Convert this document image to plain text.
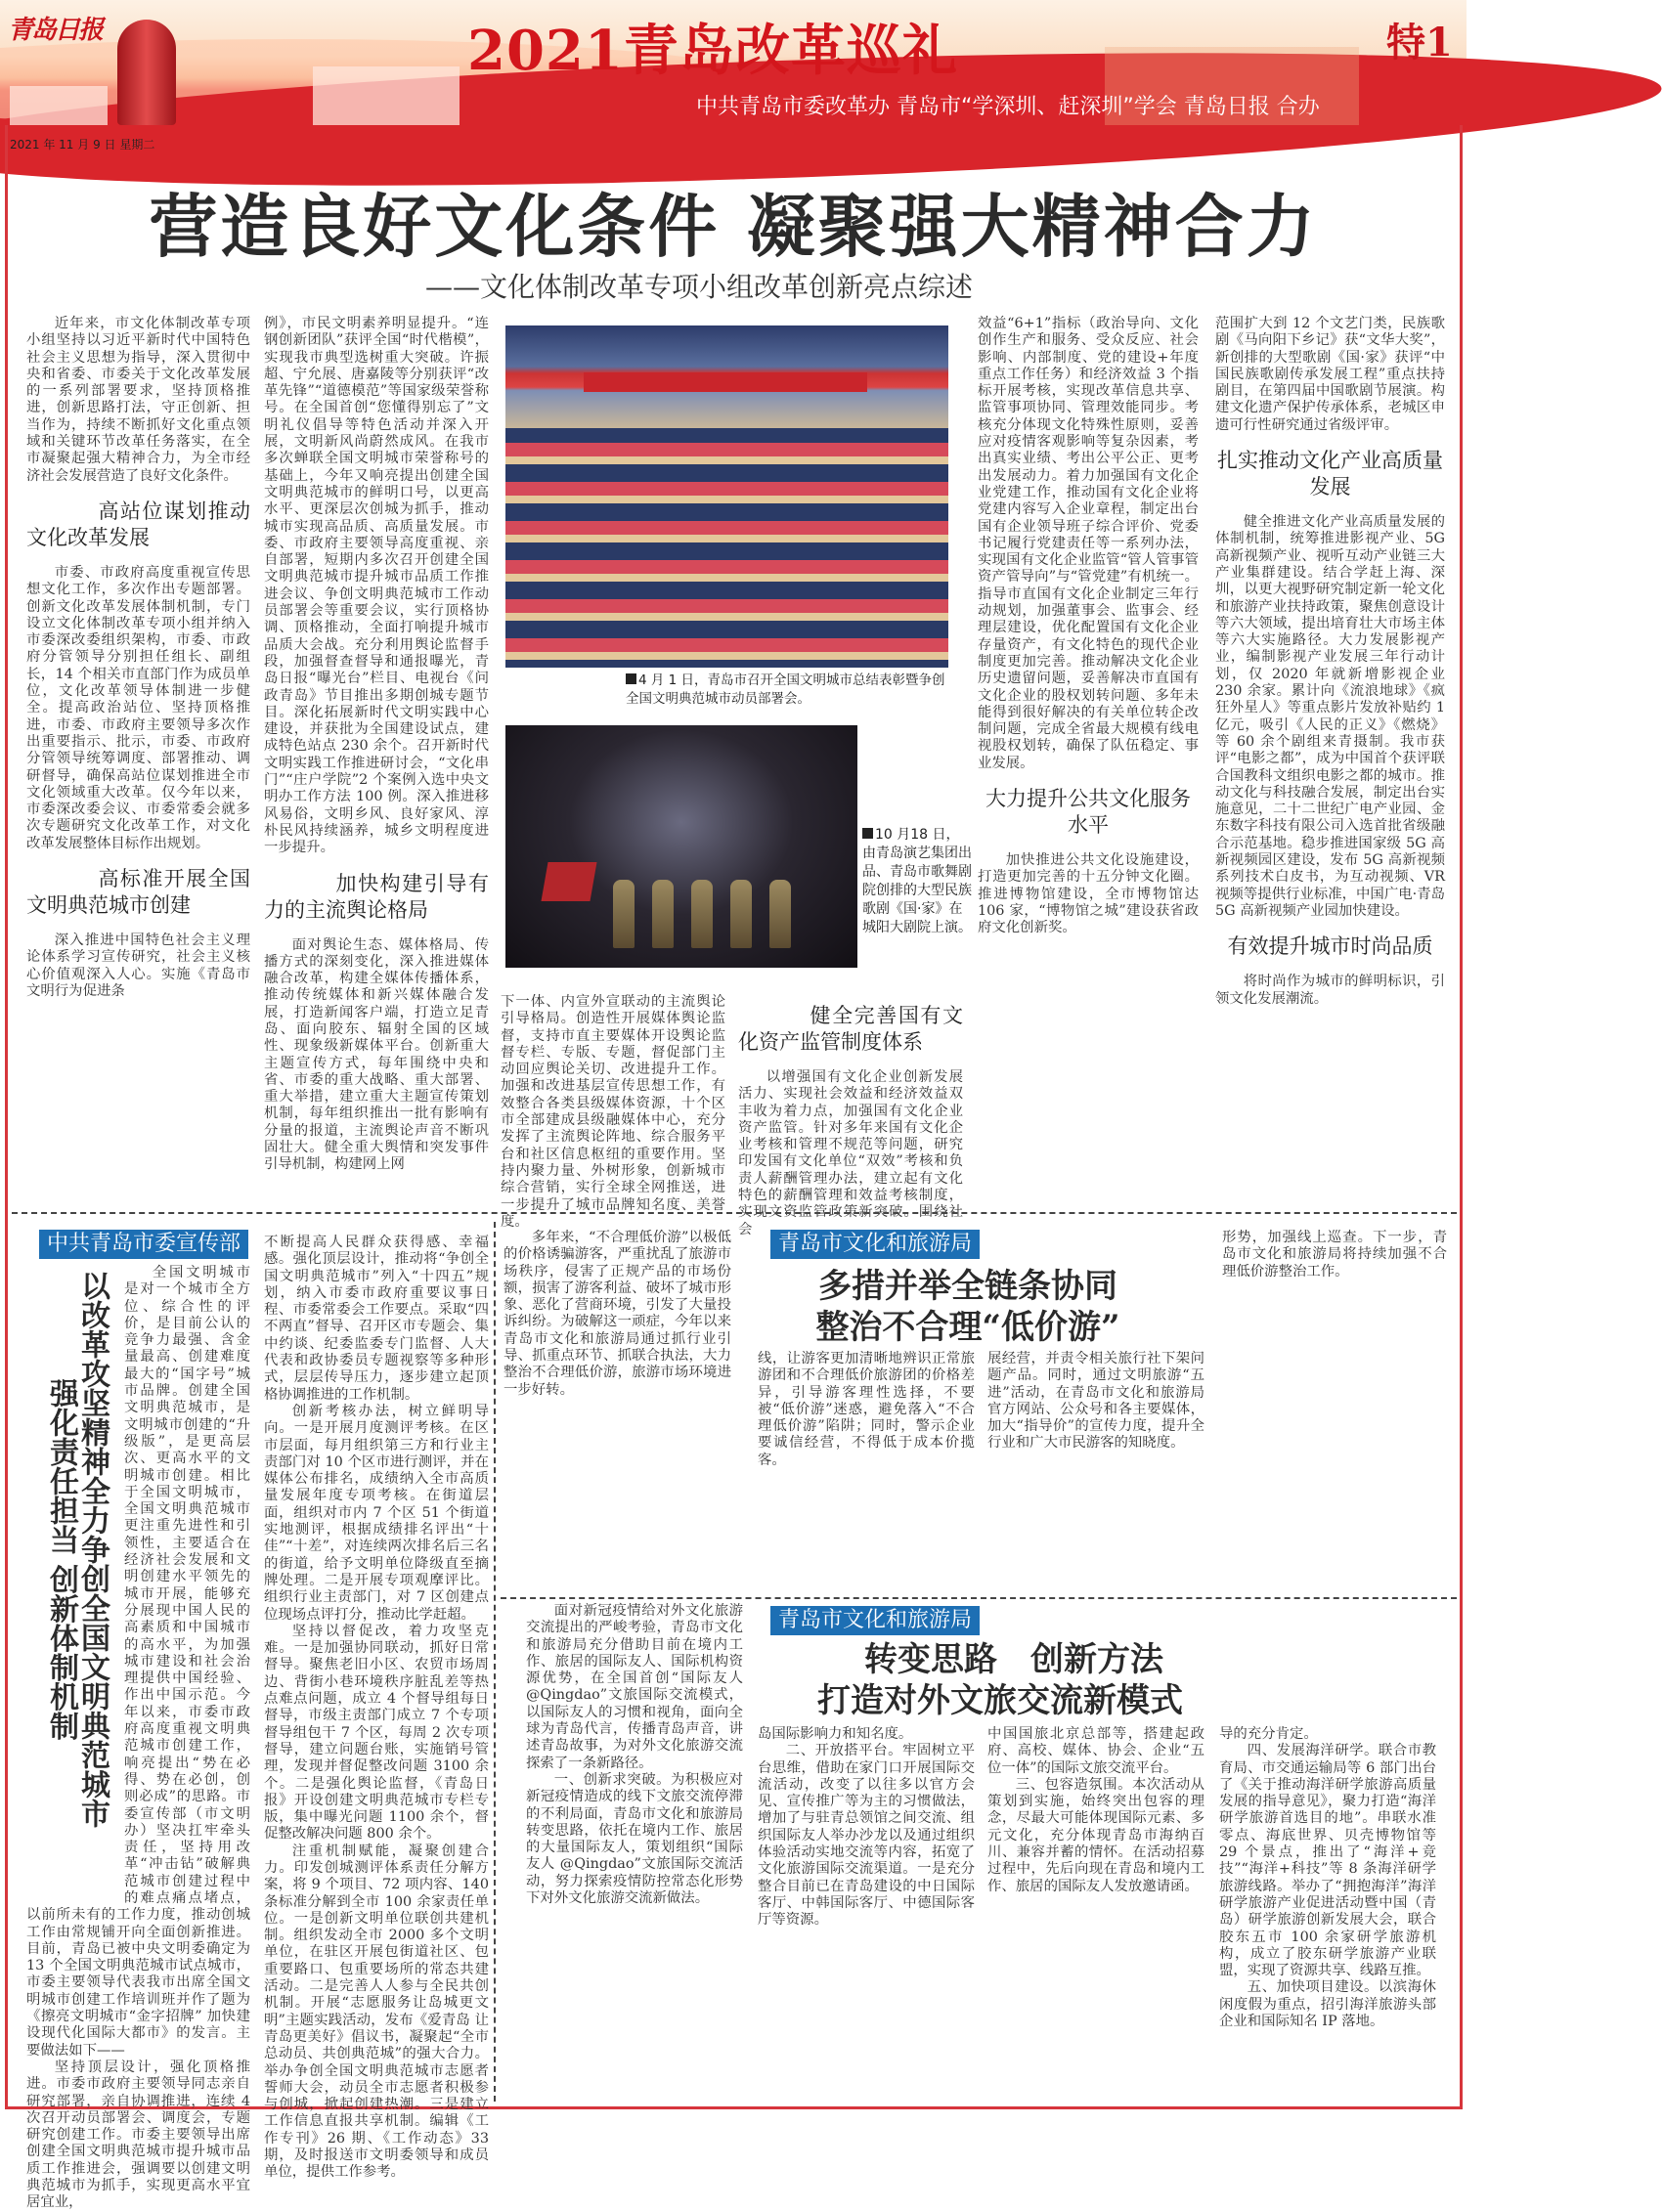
青岛日报	2021青岛改革巡礼	特1
中共青岛市委改革办 青岛市“学深圳、赶深圳”学会 青岛日报 合办
2021 年 11 月 9 日 星期二
营造良好文化条件 凝聚强大精神合力
——文化体制改革专项小组改革创新亮点综述

近年来，市文化体制改革专项小组坚持以习近平新时代中国特色社会主义思想为指导，深入贯彻中央和省委、市委关于文化改革发展的一系列部署要求，坚持顶格推进，创新思路打法，守正创新、担当作为，持续不断抓好文化重点领域和关键环节改革任务落实，在全市凝聚起强大精神合力，为全市经济社会发展营造了良好文化条件。

高站位谋划推动文化改革发展

市委、市政府高度重视宣传思想文化工作，多次作出专题部署。创新文化改革发展体制机制，专门设立文化体制改革专项小组并纳入市委深改委组织架构，市委、市政府分管领导分别担任组长、副组长，14 个相关市直部门作为成员单位，文化改革领导体制进一步健全。提高政治站位、坚持顶格推进，市委、市政府主要领导多次作出重要指示、批示，市委、市政府分管领导统筹调度、部署推动、调研督导，确保高站位谋划推进全市文化领域重大改革。仅今年以来，市委深改委会议、市委常委会就多次专题研究文化改革工作，对文化改革发展整体目标作出规划。

高标准开展全国文明典范城市创建

深入推进中国特色社会主义理论体系学习宣传研究，社会主义核心价值观深入人心。实施《青岛市文明行为促进条

例》，市民文明素养明显提升。“连钢创新团队”获评全国“时代楷模”，实现我市典型选树重大突破。许振超、宁允展、唐嘉陵等分别获评“改革先锋”“道德模范”等国家级荣誉称号。在全国首创“您懂得别忘了”文明礼仪倡导等特色活动并深入开展，文明新风尚蔚然成风。在我市多次蝉联全国文明城市荣誉称号的基础上，今年又响亮提出创建全国文明典范城市的鲜明口号，以更高水平、更深层次创城为抓手，推动城市实现高品质、高质量发展。市委、市政府主要领导高度重视、亲自部署，短期内多次召开创建全国文明典范城市提升城市品质工作推进会议、争创文明典范城市工作动员部署会等重要会议，实行顶格协调、顶格推动，全面打响提升城市品质大会战。充分利用舆论监督手段，加强督查督导和通报曝光，青岛日报“曝光台”栏目、电视台《问政青岛》节目推出多期创城专题节目。深化拓展新时代文明实践中心建设，并获批为全国建设试点，建成特色站点 230 余个。召开新时代文明实践工作推进研讨会，“文化串门”“庄户学院”2 个案例入选中央文明办工作方法 100 例。深入推进移风易俗，文明乡风、良好家风、淳朴民风持续涵养，城乡文明程度进一步提升。

加快构建引导有力的主流舆论格局

面对舆论生态、媒体格局、传播方式的深刻变化，深入推进媒体融合改革，构建全媒体传播体系，推动传统媒体和新兴媒体融合发展，打造新闻客户端，打造立足青岛、面向胶东、辐射全国的区域性、现象级新媒体平台。创新重大主题宣传方式，每年围绕中央和省、市委的重大战略、重大部署、重大举措，建立重大主题宣传策划机制，每年组织推出一批有影响有分量的报道，主流舆论声音不断巩固壮大。健全重大舆情和突发事件引导机制，构建网上网

4 月 1 日，青岛市召开全国文明城市总结表彰暨争创全国文明典范城市动员部署会。
10 月18 日，由青岛演艺集团出品、青岛市歌舞剧院创排的大型民族歌剧《国·家》在城阳大剧院上演。

下一体、内宣外宣联动的主流舆论引导格局。创造性开展媒体舆论监督，支持市直主要媒体开设舆论监督专栏、专版、专题，督促部门主动回应舆论关切、改进提升工作。加强和改进基层宣传思想工作，有效整合各类县级媒体资源，十个区市全部建成县级融媒体中心，充分发挥了主流舆论阵地、综合服务平台和社区信息枢纽的重要作用。坚持内聚力量、外树形象，创新城市综合营销，实行全球全网推送，进一步提升了城市品牌知名度、美誉度。

健全完善国有文化资产监管制度体系

以增强国有文化企业创新发展活力、实现社会效益和经济效益双丰收为着力点，加强国有文化企业资产监管。针对多年来国有文化企业考核和管理不规范等问题，研究印发国有文化单位“双效”考核和负责人薪酬管理办法，建立起有文化特色的薪酬管理和效益考核制度，实现文资监管政策新突破。围绕社会

效益“6+1”指标（政治导向、文化创作生产和服务、受众反应、社会影响、内部制度、党的建设+年度重点工作任务）和经济效益 3 个指标开展考核，实现改革信息共享、监管事项协同、管理效能同步。考核充分体现文化特殊性原则，妥善应对疫情客观影响等复杂因素，考出真实业绩、考出公平公正、更考出发展动力。着力加强国有文化企业党建工作，推动国有文化企业将党建内容写入企业章程，制定出台国有企业领导班子综合评价、党委书记履行党建责任等一系列办法，实现国有文化企业监管“管人管事管资产管导向”与“管党建”有机统一。指导市直国有文化企业制定三年行动规划，加强董事会、监事会、经理层建设，优化配置国有文化企业存量资产，有文化特色的现代企业制度更加完善。推动解决文化企业历史遗留问题，妥善解决市直国有文化企业的股权划转问题、多年未能得到很好解决的有关单位转企改制问题，完成全省最大规模有线电视股权划转，确保了队伍稳定、事业发展。

大力提升公共文化服务水平

加快推进公共文化设施建设，打造更加完善的十五分钟文化圈。推进博物馆建设，全市博物馆达 106 家，“博物馆之城”建设获省政府文化创新奖。

范围扩大到 12 个文艺门类，民族歌剧《马向阳下乡记》获“文华大奖”，新创排的大型歌剧《国·家》获评“中国民族歌剧传承发展工程”重点扶持剧目，在第四届中国歌剧节展演。构建文化遗产保护传承体系，老城区申遗可行性研究通过省级评审。

扎实推动文化产业高质量发展

健全推进文化产业高质量发展的体制机制，统筹推进影视产业、5G 高新视频产业、视听互动产业链三大产业集群建设。结合学赶上海、深圳，以更大视野研究制定新一轮文化和旅游产业扶持政策，聚焦创意设计等六大领域，提出培育壮大市场主体等六大实施路径。大力发展影视产业，编制影视产业发展三年行动计划，仅 2020 年就新增影视企业 230 余家。累计向《流浪地球》《疯狂外星人》等重点影片发放补贴约 1 亿元，吸引《人民的正义》《燃烧》等 60 余个剧组来青摄制。我市获评“电影之都”，成为中国首个获评联合国教科文组织电影之都的城市。推动文化与科技融合发展，制定出台实施意见，二十二世纪广电产业园、金东数字科技有限公司入选首批省级融合示范基地。稳步推进国家级 5G 高新视频园区建设，发布 5G 高新视频系列技术白皮书，为互动视频、VR 视频等提供行业标准，中国广电·青岛 5G 高新视频产业园加快建设。

有效提升城市时尚品质

将时尚作为城市的鲜明标识，引领文化发展潮流。

中共青岛市委宣传部
以改革攻坚精神全力争创全国文明典范城市
强化责任担当 创新体制机制

全国文明城市是对一个城市全方位、综合性的评价，是目前公认的竞争力最强、含金量最高、创建难度最大的“国字号”城市品牌。创建全国文明典范城市，是文明城市创建的“升级版”，是更高层次、更高水平的文明城市创建。相比于全国文明城市，全国文明典范城市更注重先进性和引领性，主要适合在经济社会发展和文明创建水平领先的城市开展，能够充分展现中国人民的高素质和中国城市的高水平，为加强城市建设和社会治理提供中国经验、作出中国示范。今年以来，市委市政府高度重视文明典范城市创建工作，响亮提出“势在必得、势在必创，创则必成”的思路。市委宣传部（市文明办）坚决扛牢牵头责任，坚持用改革“冲击钻”破解典范城市创建过程中的难点痛点堵点，以前所未有的工作力度，推动创城工作由常规铺开向全面创新推进。目前，青岛已被中央文明委确定为 13 个全国文明典范城市试点城市，市委主要领导代表我市出席全国文明城市创建工作培训班并作了题为《擦亮文明城市“金字招牌” 加快建设现代化国际大都市》的发言。主要做法如下——

坚持顶层设计，强化顶格推进。市委市政府主要领导同志亲自研究部署，亲自协调推进，连续 4 次召开动员部署会、调度会，专题研究创建工作。市委主要领导出席创建全国文明典范城市提升城市品质工作推进会，强调要以创建文明典范城市为抓手，实现更高水平宜居宜业，

不断提高人民群众获得感、幸福感。强化顶层设计，推动将“争创全国文明典范城市”列入“十四五”规划，纳入市委市政府重要议事日程、市委常委会工作要点。采取“四不两直”督导、召开区市专题会、集中约谈、纪委监委专门监督、人大代表和政协委员专题视察等多种形式，层层传导压力，逐步建立起顶格协调推进的工作机制。

创新考核办法，树立鲜明导向。一是开展月度测评考核。在区市层面，每月组织第三方和行业主责部门对 10 个区市进行测评，并在媒体公布排名，成绩纳入全市高质量发展年度专项考核。在街道层面，组织对市内 7 个区 51 个街道实地测评，根据成绩排名评出“十佳”“十差”，对连续两次排名后三名的街道，给予文明单位降级直至摘牌处理。二是开展专项观摩评比。组织行业主责部门，对 7 区创建点位现场点评打分，推动比学赶超。

坚持以督促改，着力攻坚克难。一是加强协同联动，抓好日常督导。聚焦老旧小区、农贸市场周边、背街小巷环境秩序脏乱差等热点难点问题，成立 4 个督导组每日督导，市级主责部门成立 7 个专项督导组包干 7 个区，每周 2 次专项督导，建立问题台账，实施销号管理，发现并督促整改问题 3100 余个。二是强化舆论监督，《青岛日报》开设创建文明典范城市专栏专版，集中曝光问题 1100 余个，督促整改解决问题 800 余个。

注重机制赋能，凝聚创建合力。印发创城测评体系责任分解方案，将 9 个项目、72 项内容、140 条标准分解到全市 100 余家责任单位。一是创新文明单位联创共建机制。组织发动全市 2000 多个文明单位，在驻区开展包街道社区、包重要路口、包重要场所的常态共建活动。二是完善人人参与全民共创机制。开展“志愿服务让岛城更文明”主题实践活动，发布《爱青岛 让青岛更美好》倡议书，凝聚起“全市总动员、共创典范城”的强大合力。举办争创全国文明典范城市志愿者誓师大会，动员全市志愿者积极参与创城，掀起创建热潮。三是建立工作信息直报共享机制。编辑《工作专刊》26 期、《工作动态》33 期，及时报送市文明委领导和成员单位，提供工作参考。

多年来，“不合理低价游”以极低的价格诱骗游客，严重扰乱了旅游市场秩序，侵害了正规产品的市场份额，损害了游客利益、破坏了城市形象、恶化了营商环境，引发了大量投诉纠纷。为破解这一顽症，今年以来青岛市文化和旅游局通过抓行业引导、抓重点环节、抓联合执法，大力整治不合理低价游，旅游市场环境进一步好转。

青岛市文化和旅游局
多措并举全链条协同
整治不合理“低价游”

线，让游客更加清晰地辨识正常旅游团和不合理低价旅游团的价格差异，引导游客理性选择，不要被“低价游”迷惑，避免落入“不合理低价游”陷阱；同时，警示企业要诚信经营，不得低于成本价揽客。

展经营，并责令相关旅行社下架问题产品。同时，通过文明旅游“五进”活动，在青岛市文化和旅游局官方网站、公众号和各主要媒体，加大“指导价”的宣传力度，提升全行业和广大市民游客的知晓度。

形势，加强线上巡查。下一步，青岛市文化和旅游局将持续加强不合理低价游整治工作。

面对新冠疫情给对外文化旅游交流提出的严峻考验，青岛市文化和旅游局充分借助目前在境内工作、旅居的国际友人、国际机构资源优势，在全国首创“国际友人 @Qingdao”文旅国际交流模式，以国际友人的习惯和视角，面向全球为青岛代言，传播青岛声音，讲述青岛故事，为对外文化旅游交流探索了一条新路径。

一、创新求突破。为积极应对新冠疫情造成的线下文旅交流停滞的不利局面，青岛市文化和旅游局转变思路，依托在境内工作、旅居的大量国际友人，策划组织“国际友人 @Qingdao”文旅国际交流活动，努力探索疫情防控常态化形势下对外文化旅游交流新做法。

青岛市文化和旅游局
转变思路　创新方法
打造对外文旅交流新模式

岛国际影响力和知名度。

二、开放搭平台。牢固树立平台思维，借助在家门口开展国际交流活动，改变了以往多以官方会见、宣传推广等为主的习惯做法，增加了与驻青总领馆之间交流、组织国际友人举办沙龙以及通过组织体验活动实地交流等内容，拓宽了文化旅游国际交流渠道。一是充分整合目前已在青岛建设的中日国际客厅、中韩国际客厅、中德国际客厅等资源。

中国国旅北京总部等，搭建起政府、高校、媒体、协会、企业“五位一体”的国际文旅交流平台。

三、包容造氛围。本次活动从策划到实施，始终突出包容的理念，尽最大可能体现国际元素、多元文化，充分体现青岛市海纳百川、兼容并蓄的情怀。在活动招募过程中，先后向现在青岛和境内工作、旅居的国际友人发放邀请函。

导的充分肯定。

四、发展海洋研学。联合市教育局、市交通运输局等 6 部门出台了《关于推动海洋研学旅游高质量发展的指导意见》，聚力打造“海洋研学旅游首选目的地”。串联水准零点、海底世界、贝壳博物馆等 29 个景点，推出了“海洋+竞技”“海洋+科技”等 8 条海洋研学旅游线路。举办了“拥抱海洋”海洋研学旅游产业促进活动暨中国（青岛）研学旅游创新发展大会，联合胶东五市 100 余家研学旅游机构，成立了胶东研学旅游产业联盟，实现了资源共享、线路互推。

五、加快项目建设。以滨海休闲度假为重点，招引海洋旅游头部企业和国际知名 IP 落地。
